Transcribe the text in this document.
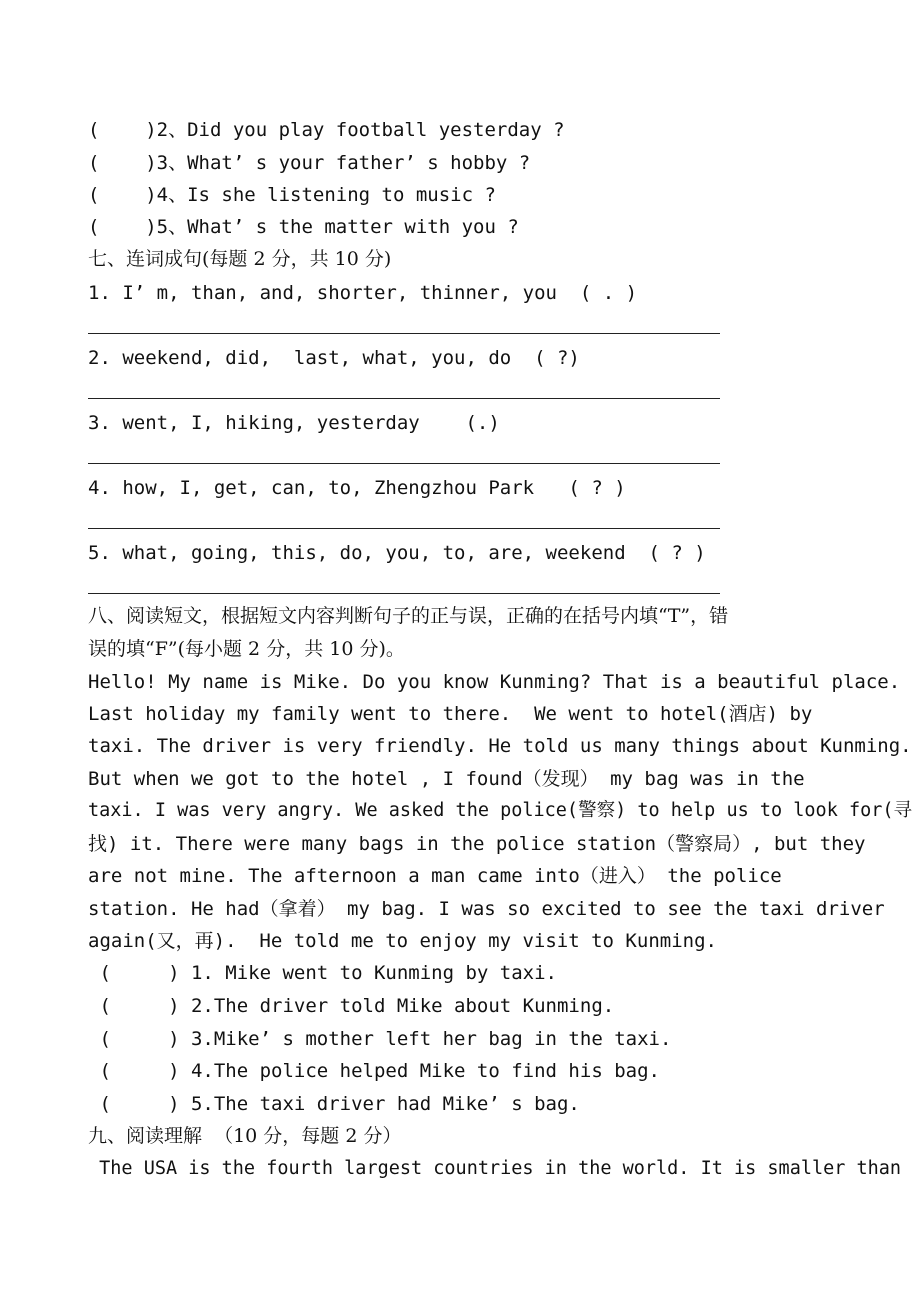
(    )2、Did you play football yesterday ?
(    )3、What’ s your father’ s hobby ?
(    )4、Is she listening to music ?
(    )5、What’ s the matter with you ?
七、连词成句(每题 2 分，共 10 分)
1. I’ m, than, and, shorter, thinner, you  ( . )
2. weekend, did,  last, what, you, do  ( ?)
3. went, I, hiking, yesterday    (.)
4. how, I, get, can, to, Zhengzhou Park   ( ? )
5. what, going, this, do, you, to, are, weekend  ( ? )
八、阅读短文，根据短文内容判断句子的正与误，正确的在括号内填“T”，错
误的填“F”(每小题 2 分，共 10 分)。
Hello! My name is Mike. Do you know Kunming? That is a beautiful place.
Last holiday my family went to there.  We went to hotel(酒店) by
taxi. The driver is very friendly. He told us many things about Kunming.
But when we got to the hotel , I found（发现） my bag was in the
taxi. I was very angry. We asked the police(警察) to help us to look for(寻
找) it. There were many bags in the police station（警察局）, but they
are not mine. The afternoon a man came into（进入） the police
station. He had（拿着） my bag. I was so excited to see the taxi driver
again(又，再).  He told me to enjoy my visit to Kunming.
(     ) 1. Mike went to Kunming by taxi.
(     ) 2.The driver told Mike about Kunming.
(     ) 3.Mike’ s mother left her bag in the taxi.
(     ) 4.The police helped Mike to find his bag.
(     ) 5.The taxi driver had Mike’ s bag.
九、阅读理解  （10 分，每题 2 分）
The USA is the fourth largest countries in the world. It is smaller than
